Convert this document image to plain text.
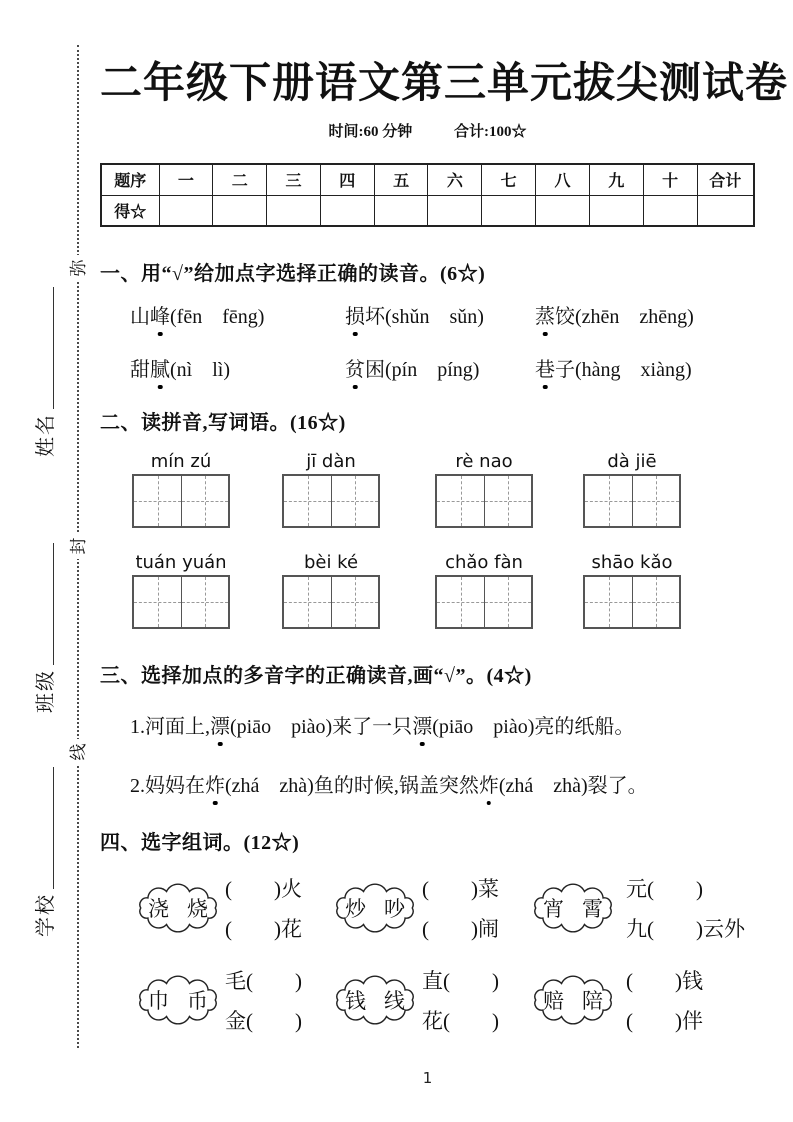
弥
封
线
姓名
班级
学校
二年级下册语文第三单元拔尖测试卷
时间:60 分钟	合计:100☆
题序	一	二	三	四	五	六	七	八	九	十	合计
得☆											
一、用“√”给加点字选择正确的读音。(6☆)
山峰(fēn　fēng)	损坏(shǔn　sǔn)	蒸饺(zhēn　zhēng)
甜腻(nì　lì)	贫困(pín　píng)	巷子(hàng　xiàng)
二、读拼音,写词语。(16☆)
mín zú	jī dàn	rè nao	dà jiē
tuán yuán	bèi ké	chǎo fàn	shāo kǎo
三、选择加点的多音字的正确读音,画“√”。(4☆)
1.河面上,漂(piāo　piào)来了一只漂(piāo　piào)亮的纸船。
2.妈妈在炸(zhá　zhà)鱼的时候,锅盖突然炸(zhá　zhà)裂了。
四、选字组词。(12☆)
浇 烧
(　　)火
(　　)花
炒 吵
(　　)菜
(　　)闹
宵 霄
元(　　)
九(　　)云外
巾 币
毛(　　)
金(　　)
钱 线
直(　　)
花(　　)
赔 陪
(　　)钱
(　　)伴
1
